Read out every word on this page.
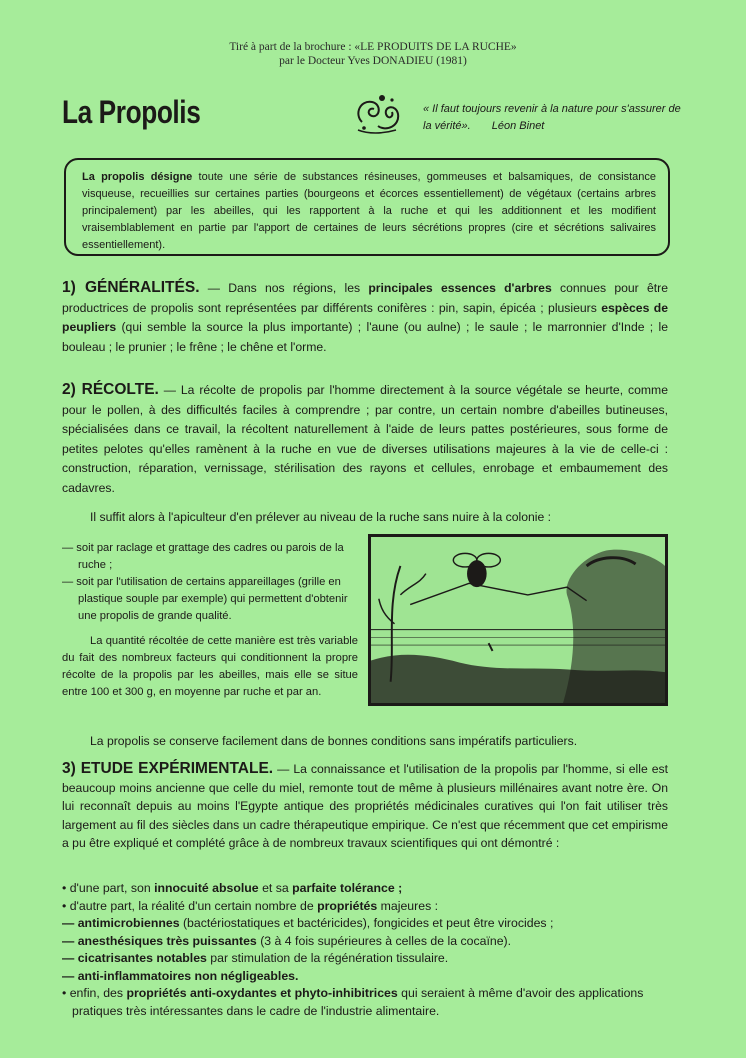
Tiré à part de la brochure : «LE PRODUITS DE LA RUCHE»
par le Docteur Yves DONADIEU (1981)
La Propolis	« Il faut toujours revenir à la nature pour s'assurer de la vérité». Léon Binet
La propolis désigne toute une série de substances résineuses, gommeuses et balsamiques, de consistance visqueuse, recueillies sur certaines parties (bourgeons et écorces essentiellement) de végétaux (certains arbres principalement) par les abeilles, qui les rapportent à la ruche et qui les additionnent et les modifient vraisemblablement en partie par l'apport de certaines de leurs sécrétions propres (cire et sécrétions salivaires essentiellement).
1) GÉNÉRALITÉS. — Dans nos régions, les principales essences d'arbres connues pour être productrices de propolis sont représentées par différents conifères : pin, sapin, épicéa ; plusieurs espèces de peupliers (qui semble la source la plus importante) ; l'aune (ou aulne) ; le saule ; le marronnier d'Inde ; le bouleau ; le prunier ; le frêne ; le chêne et l'orme.
2) RÉCOLTE. — La récolte de propolis par l'homme directement à la source végétale se heurte, comme pour le pollen, à des difficultés faciles à comprendre ; par contre, un certain nombre d'abeilles butineuses, spécialisées dans ce travail, la récoltent naturellement à l'aide de leurs pattes postérieures, sous forme de petites pelotes qu'elles ramènent à la ruche en vue de diverses utilisations majeures à la vie de celle-ci : construction, réparation, vernissage, stérilisation des rayons et cellules, enrobage et embaumement des cadavres.
Il suffit alors à l'apiculteur d'en prélever au niveau de la ruche sans nuire à la colonie :

— soit par raclage et grattage des cadres ou parois de la ruche ;

— soit par l'utilisation de certains appareillages (grille en plastique souple par exemple) qui permettent d'obtenir une propolis de grande qualité.

La quantité récoltée de cette manière est très variable du fait des nombreux facteurs qui conditionnent la propre récolte de la propolis par les abeilles, mais elle se situe entre 100 et 300 g, en moyenne par ruche et par an.

La propolis se conserve facilement dans de bonnes conditions sans impératifs particuliers.
3) ETUDE EXPÉRIMENTALE. — La connaissance et l'utilisation de la propolis par l'homme, si elle est beaucoup moins ancienne que celle du miel, remonte tout de même à plusieurs millénaires avant notre ère. On lui reconnaît depuis au moins l'Egypte antique des propriétés médicinales curatives qui l'on fait utiliser très largement au fil des siècles dans un cadre thérapeutique empirique. Ce n'est que récemment que cet empirisme a pu être expliqué et complété grâce à de nombreux travaux scientifiques qui ont démontré :

• d'une part, son innocuité absolue et sa parfaite tolérance ;

• d'autre part, la réalité d'un certain nombre de propriétés majeures :

— antimicrobiennes (bactériostatiques et bactéricides), fongicides et peut être virocides ;

— anesthésiques très puissantes (3 à 4 fois supérieures à celles de la cocaïne).

— cicatrisantes notables par stimulation de la régénération tissulaire.

— anti-inflammatoires non négligeables.

• enfin, des propriétés anti-oxydantes et phyto-inhibitrices qui seraient à même d'avoir des applications pratiques très intéressantes dans le cadre de l'industrie alimentaire.
